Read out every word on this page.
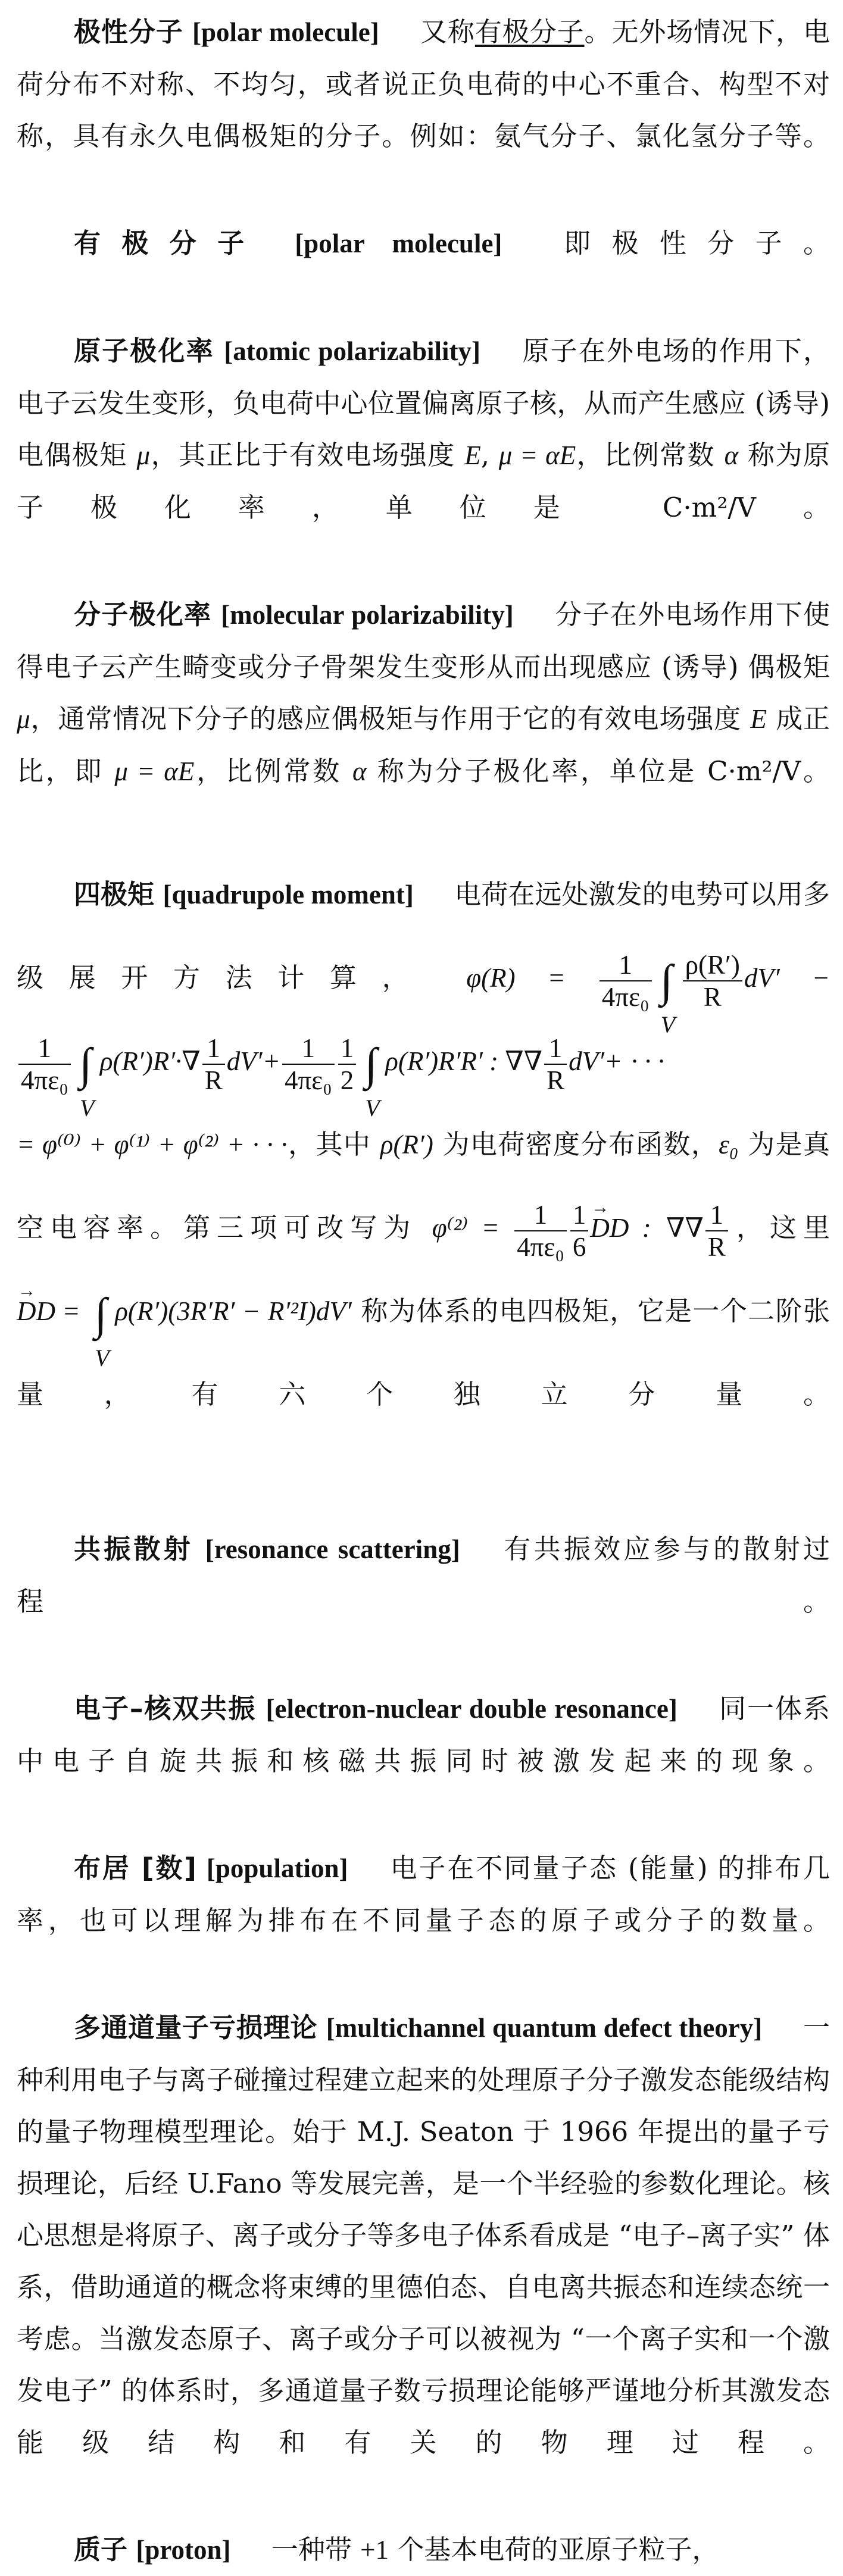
极性分子 [polar molecule] 又称有极分子。无外场情况下，电荷分布不对称、不均匀，或者说正负电荷的中心不重合、构型不对称，具有永久电偶极矩的分子。例如：氨气分子、氯化氢分子等。

有极分子 [polar molecule] 即极性分子。

原子极化率 [atomic polarizability] 原子在外电场的作用下，电子云发生变形，负电荷中心位置偏离原子核，从而产生感应 (诱导) 电偶极矩 μ，其正比于有效电场强度 E, μ = αE，比例常数 α 称为原子极化率，单位是 C·m²/V。

分子极化率 [molecular polarizability] 分子在外电场作用下使得电子云产生畸变或分子骨架发生变形从而出现感应 (诱导) 偶极矩 μ，通常情况下分子的感应偶极矩与作用于它的有效电场强度 E 成正比，即 μ = αE，比例常数 α 称为分子极化率，单位是 C·m²/V。

四极矩 [quadrupole moment] 电荷在远处激发的电势可以用多级展开方法计算， $\varphi(R) = \frac{1}{\text{4πε₀}}$ ∫
V
$\frac{\rho(R')}{R} dV'$ −
$\frac{1}{\text{4πε₀}}$ ∫
V
$\rho(R')R'\cdot\nabla \frac{1}{R} dV'+ \frac{1}{\text{4πε₀}} \frac{1}{2}$ ∫
V
ρ(R′)R′R′ : ∇∇ $\frac{1}{R} dV'+$ · · ·
= φ⁽⁰⁾ + φ⁽¹⁾ + φ⁽²⁾ + · · ·，其中 ρ(R′) 为电荷密度分布函数，ε₀ 为是真空电容率。第三项可改写为 $\varphi^{(2)} = \frac{1}{\text{4πε₀}} \frac{1}{6}$
→ DD : ∇∇ $\frac{1}{R}$ ，这里 → DD = ∫
V
ρ(R′)(3R′R′ − R′²I)dV′ 称为体系的电四极矩，它是一个二阶张量，有六个独立分量。

共振散射 [resonance scattering] 有共振效应参与的散射过程。

电子–核双共振 [electron-nuclear double resonance] 同一体系中电子自旋共振和核磁共振同时被激发起来的现象。

布居 [数] [population] 电子在不同量子态 (能量) 的排布几率，也可以理解为排布在不同量子态的原子或分子的数量。

多通道量子亏损理论 [multichannel quantum defect theory] 一种利用电子与离子碰撞过程建立起来的处理原子分子激发态能级结构的量子物理模型理论。始于 M.J. Seaton 于 1966 年提出的量子亏损理论，后经 U.Fano 等发展完善，是一个半经验的参数化理论。核心思想是将原子、离子或分子等多电子体系看成是 “电子–离子实” 体系，借助通道的概念将束缚的里德伯态、自电离共振态和连续态统一考虑。当激发态原子、离子或分子可以被视为 “一个离子实和一个激发电子” 的体系时，多通道量子数亏损理论能够严谨地分析其激发态能级结构和有关的物理过程。

质子 [proton] 一种带 +1 个基本电荷的亚原子粒子，
